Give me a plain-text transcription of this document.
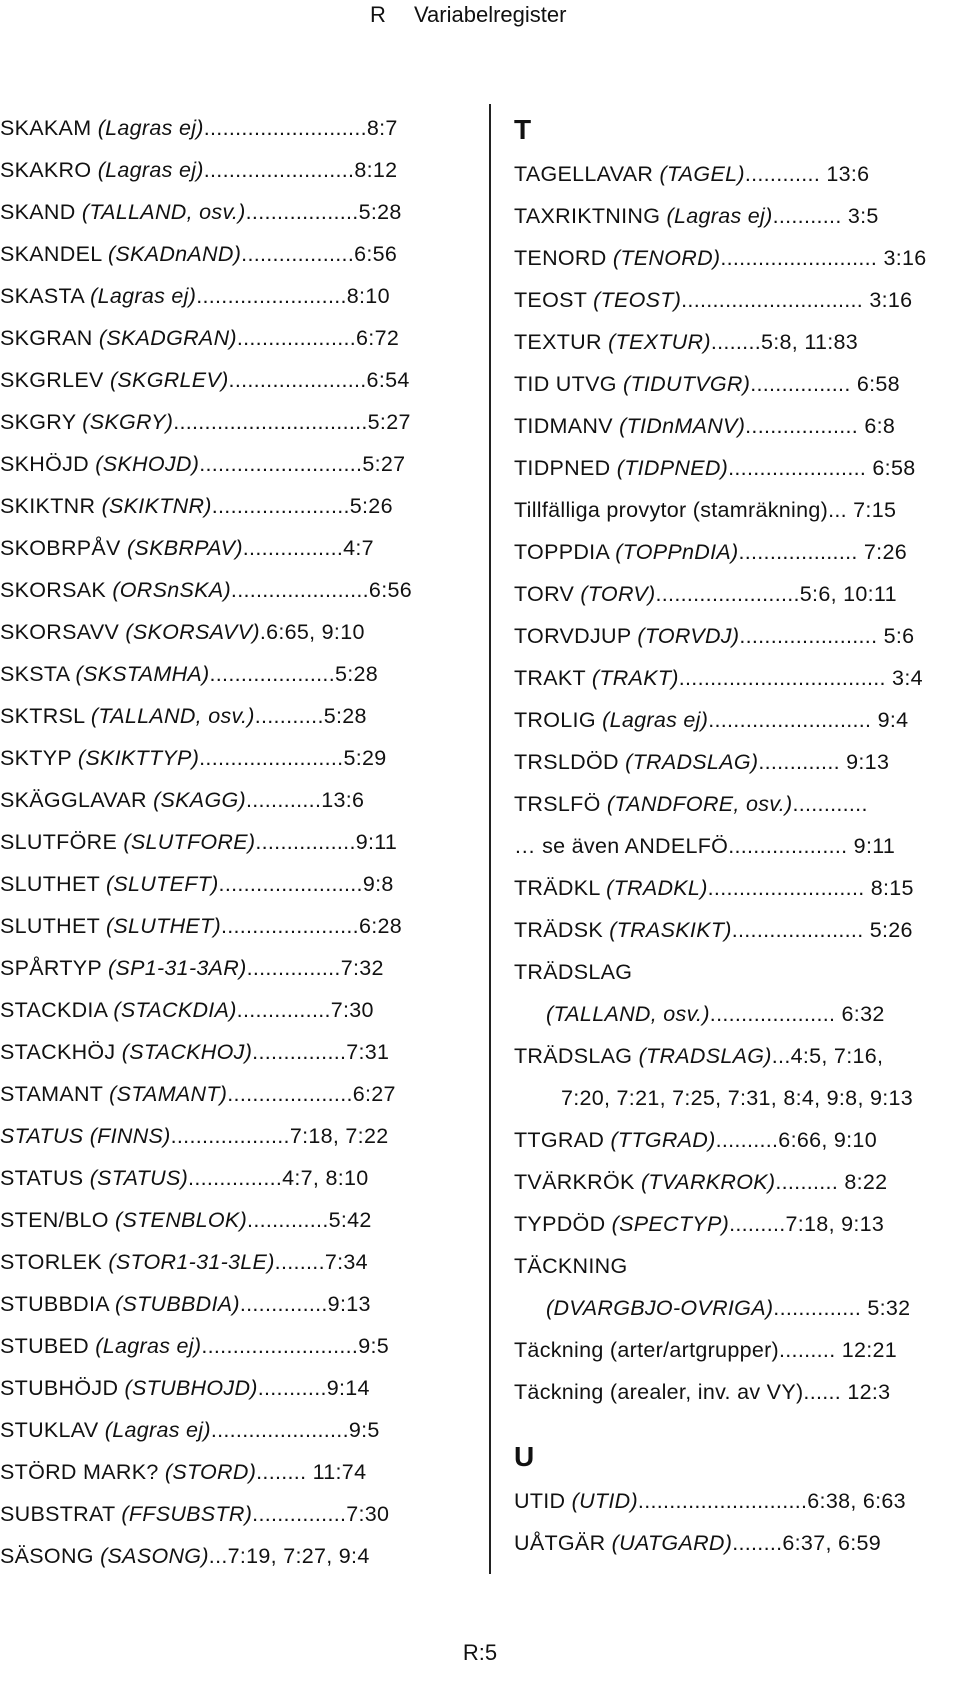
R Variabelregister
SKAKAM (Lagras ej)..........................8:7
SKAKRO (Lagras ej)........................8:12
SKAND (TALLAND, osv.)..................5:28
SKANDEL (SKADnAND)..................6:56
SKASTA (Lagras ej)........................8:10
SKGRAN (SKADGRAN)...................6:72
SKGRLEV (SKGRLEV)......................6:54
SKGRY (SKGRY)...............................5:27
SKHÖJD (SKHOJD)..........................5:27
SKIKTNR (SKIKTNR)......................5:26
SKOBRPÅV (SKBRPAV)................4:7
SKORSAK (ORSnSKA)......................6:56
SKORSAVV (SKORSAVV).6:65, 9:10
SKSTA (SKSTAMHA)....................5:28
SKTRSL (TALLAND, osv.)...........5:28
SKTYP (SKIKTTYP).......................5:29
SKÄGGLAVAR (SKAGG)............13:6
SLUTFÖRE (SLUTFORE)................9:11
SLUTHET (SLUTEFT).......................9:8
SLUTHET (SLUTHET)......................6:28
SPÅRTYP (SP1-31-3AR)...............7:32
STACKDIA (STACKDIA)...............7:30
STACKHÖJ (STACKHOJ)...............7:31
STAMANT (STAMANT)....................6:27
STATUS (FINNS)...................7:18, 7:22
STATUS (STATUS)...............4:7, 8:10
STEN/BLO (STENBLOK).............5:42
STORLEK (STOR1-31-3LE)........7:34
STUBBDIA (STUBBDIA)..............9:13
STUBED (Lagras ej).........................9:5
STUBHÖJD (STUBHOJD)...........9:14
STUKLAV (Lagras ej)......................9:5
STÖRD MARK? (STORD)........ 11:74
SUBSTRAT (FFSUBSTR)...............7:30
SÄSONG (SASONG)...7:19, 7:27, 9:4
T
TAGELLAVAR (TAGEL)............ 13:6
TAXRIKTNING (Lagras ej)........... 3:5
TENORD (TENORD)......................... 3:16
TEOST (TEOST)............................. 3:16
TEXTUR (TEXTUR)........5:8, 11:83
TID UTVG (TIDUTVGR)................ 6:58
TIDMANV (TIDnMANV).................. 6:8
TIDPNED (TIDPNED)...................... 6:58
Tillfälliga provytor (stamräkning)... 7:15
TOPPDIA (TOPPnDIA)................... 7:26
TORV (TORV).......................5:6, 10:11
TORVDJUP (TORVDJ)...................... 5:6
TRAKT (TRAKT)................................. 3:4
TROLIG (Lagras ej).......................... 9:4
TRSLDÖD (TRADSLAG)............. 9:13
TRSLFÖ (TANDFORE, osv.)............
… se även ANDELFÖ................... 9:11
TRÄDKL (TRADKL)......................... 8:15
TRÄDSK (TRASKIKT)..................... 5:26
TRÄDSLAG
(TALLAND, osv.).................... 6:32
TRÄDSLAG (TRADSLAG)...4:5, 7:16,
7:20, 7:21, 7:25, 7:31, 8:4, 9:8, 9:13
TTGRAD (TTGRAD)..........6:66, 9:10
TVÄRKRÖK (TVARKROK).......... 8:22
TYPDÖD (SPECTYP).........7:18, 9:13
TÄCKNING
(DVARGBJO-OVRIGA).............. 5:32
Täckning (arter/artgrupper)......... 12:21
Täckning (arealer, inv. av VY)...... 12:3
U
UTID (UTID)...........................6:38, 6:63
UÅTGÄR (UATGARD)........6:37, 6:59
R:5
